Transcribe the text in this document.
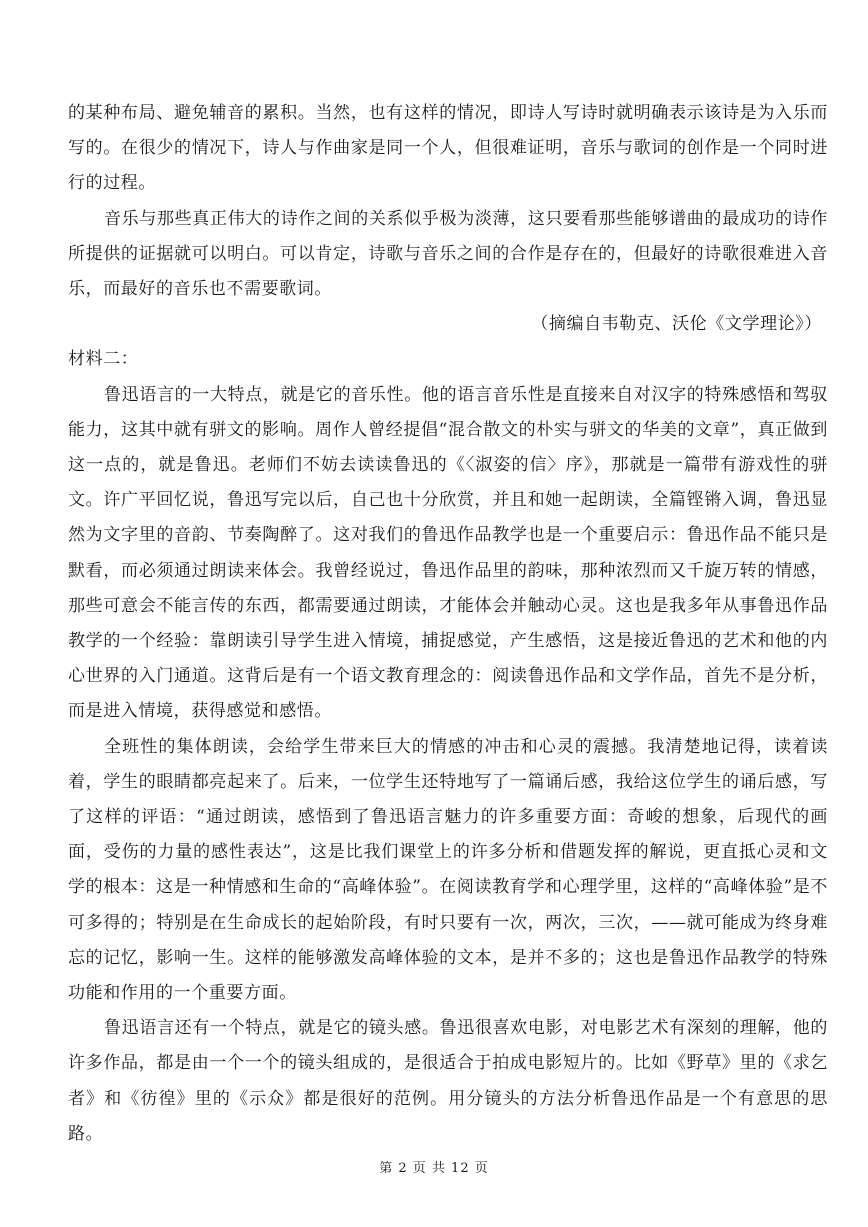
的某种布局、避免辅音的累积。当然，也有这样的情况，即诗人写诗时就明确表示该诗是为入乐而写的。在很少的情况下，诗人与作曲家是同一个人，但很难证明，音乐与歌词的创作是一个同时进行的过程。

音乐与那些真正伟大的诗作之间的关系似乎极为淡薄，这只要看那些能够谱曲的最成功的诗作所提供的证据就可以明白。可以肯定，诗歌与音乐之间的合作是存在的，但最好的诗歌很难进入音乐，而最好的音乐也不需要歌词。

（摘编自韦勒克、沃伦《文学理论》）

材料二：

鲁迅语言的一大特点，就是它的音乐性。他的语言音乐性是直接来自对汉字的特殊感悟和驾驭能力，这其中就有骈文的影响。周作人曾经提倡“混合散文的朴实与骈文的华美的文章”，真正做到这一点的，就是鲁迅。老师们不妨去读读鲁迅的《〈淑姿的信〉序》，那就是一篇带有游戏性的骈文。许广平回忆说，鲁迅写完以后，自己也十分欣赏，并且和她一起朗读，全篇铿锵入调，鲁迅显然为文字里的音韵、节奏陶醉了。这对我们的鲁迅作品教学也是一个重要启示：鲁迅作品不能只是默看，而必须通过朗读来体会。我曾经说过，鲁迅作品里的韵味，那种浓烈而又千旋万转的情感，那些可意会不能言传的东西，都需要通过朗读，才能体会并触动心灵。这也是我多年从事鲁迅作品教学的一个经验：靠朗读引导学生进入情境，捕捉感觉，产生感悟，这是接近鲁迅的艺术和他的内心世界的入门通道。这背后是有一个语文教育理念的：阅读鲁迅作品和文学作品，首先不是分析，而是进入情境，获得感觉和感悟。

全班性的集体朗读，会给学生带来巨大的情感的冲击和心灵的震撼。我清楚地记得，读着读着，学生的眼睛都亮起来了。后来，一位学生还特地写了一篇诵后感，我给这位学生的诵后感，写了这样的评语：“通过朗读，感悟到了鲁迅语言魅力的许多重要方面：奇峻的想象，后现代的画面，受伤的力量的感性表达”，这是比我们课堂上的许多分析和借题发挥的解说，更直抵心灵和文学的根本：这是一种情感和生命的“高峰体验”。在阅读教育学和心理学里，这样的“高峰体验”是不可多得的；特别是在生命成长的起始阶段，有时只要有一次，两次，三次，——就可能成为终身难忘的记忆，影响一生。这样的能够激发高峰体验的文本，是并不多的；这也是鲁迅作品教学的特殊功能和作用的一个重要方面。

鲁迅语言还有一个特点，就是它的镜头感。鲁迅很喜欢电影，对电影艺术有深刻的理解，他的许多作品，都是由一个一个的镜头组成的，是很适合于拍成电影短片的。比如《野草》里的《求乞者》和《彷徨》里的《示众》都是很好的范例。用分镜头的方法分析鲁迅作品是一个有意思的思路。

第 2 页 共 12 页
